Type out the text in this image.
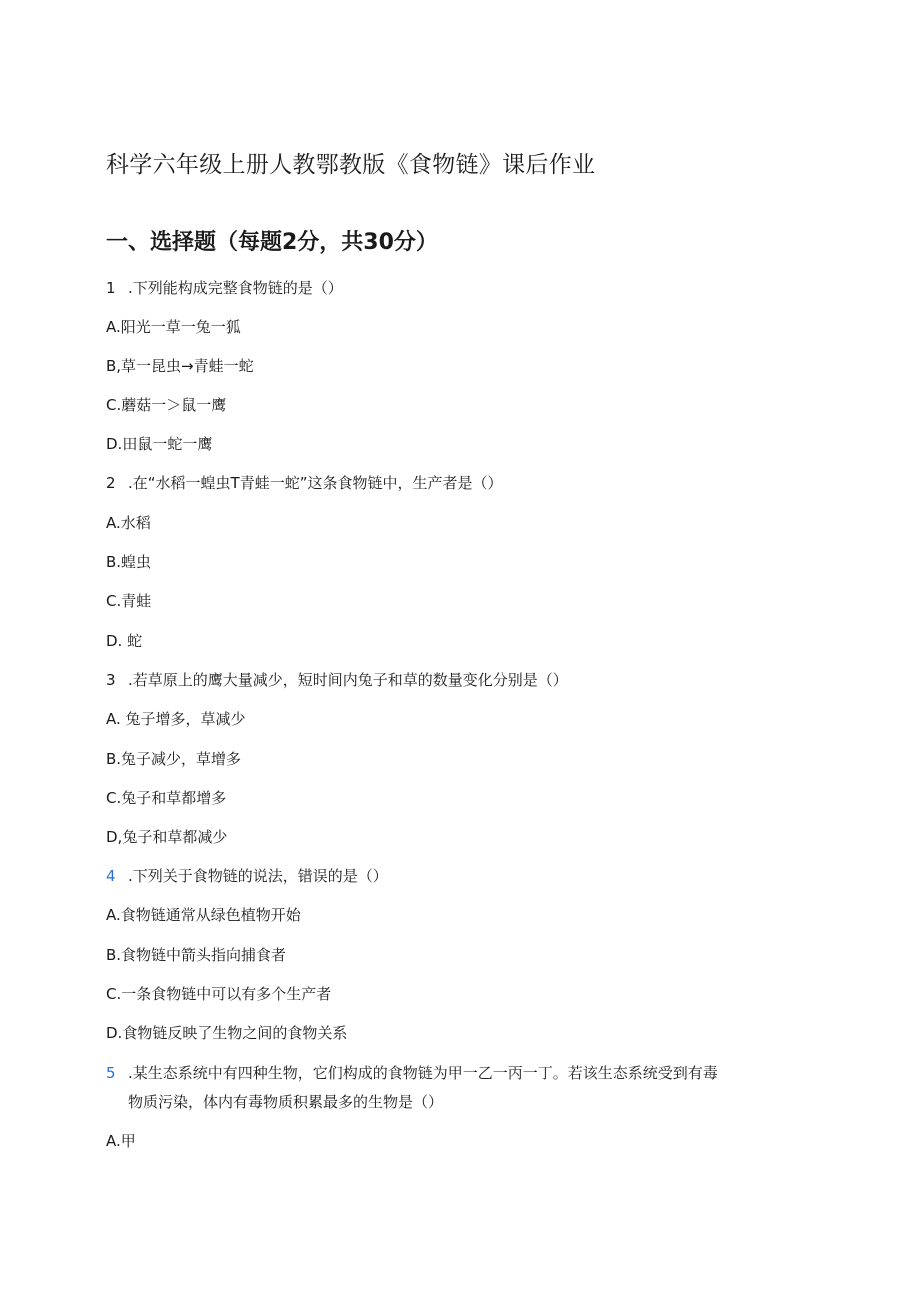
科学六年级上册人教鄂教版《食物链》课后作业
一、选择题（每题2分，共30分）
1 .下列能构成完整食物链的是（）
A.阳光一草一兔一狐
B,草一昆虫→青蛙一蛇
C.蘑菇一＞鼠一鹰
D.田鼠一蛇一鹰
2 .在“水稻一蝗虫T青蛙一蛇”这条食物链中，生产者是（）
A.水稻
B.蝗虫
C.青蛙
D. 蛇
3 .若草原上的鹰大量减少，短时间内兔子和草的数量变化分别是（）
A. 兔子增多，草减少
B.兔子减少，草增多
C.兔子和草都增多
D,兔子和草都减少
4 .下列关于食物链的说法，错误的是（）
A.食物链通常从绿色植物开始
B.食物链中箭头指向捕食者
C.一条食物链中可以有多个生产者
D.食物链反映了生物之间的食物关系
5 .某生态系统中有四种生物，它们构成的食物链为甲一乙一丙一丁。若该生态系统受到有毒
物质污染，体内有毒物质积累最多的生物是（）
A.甲
